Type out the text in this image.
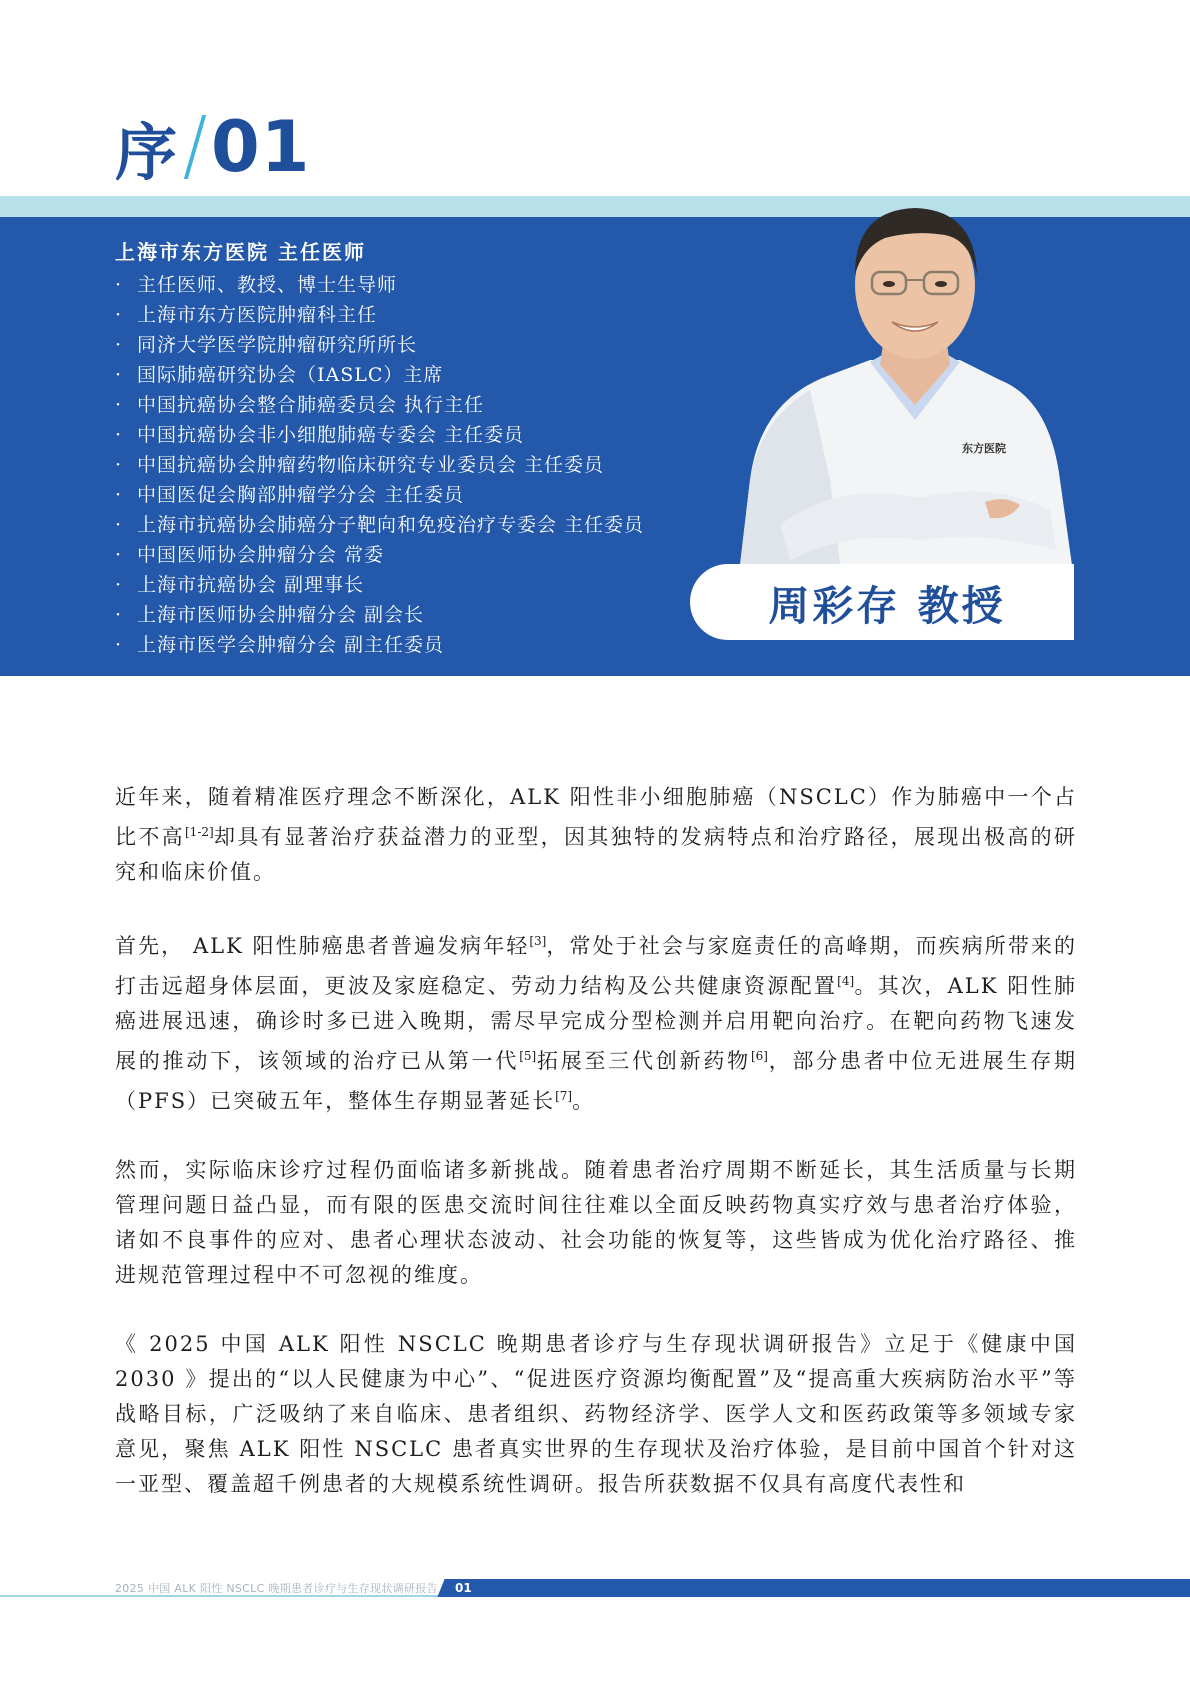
序 01
上海市东方医院 主任医师
· 主任医师、教授、博士生导师
· 上海市东方医院肿瘤科主任
· 同济大学医学院肿瘤研究所所长
· 国际肺癌研究协会（IASLC）主席
· 中国抗癌协会整合肺癌委员会 执行主任
· 中国抗癌协会非小细胞肺癌专委会 主任委员
· 中国抗癌协会肿瘤药物临床研究专业委员会 主任委员
· 中国医促会胸部肿瘤学分会 主任委员
· 上海市抗癌协会肺癌分子靶向和免疫治疗专委会 主任委员
· 中国医师协会肿瘤分会 常委
· 上海市抗癌协会 副理事长
· 上海市医师协会肿瘤分会 副会长
· 上海市医学会肿瘤分会 副主任委员
东方医院
周彩存 教授

近年来，随着精准医疗理念不断深化，ALK 阳性非小细胞肺癌（NSCLC）作为肺癌中一个占比不高[1-2]却具有显著治疗获益潜力的亚型，因其独特的发病特点和治疗路径，展现出极高的研究和临床价值。

首先， ALK 阳性肺癌患者普遍发病年轻[3]，常处于社会与家庭责任的高峰期，而疾病所带来的打击远超身体层面，更波及家庭稳定、劳动力结构及公共健康资源配置[4]。其次，ALK 阳性肺癌进展迅速，确诊时多已进入晚期，需尽早完成分型检测并启用靶向治疗。在靶向药物飞速发展的推动下，该领域的治疗已从第一代[5]拓展至三代创新药物[6]，部分患者中位无进展生存期（PFS）已突破五年，整体生存期显著延长[7]。

然而，实际临床诊疗过程仍面临诸多新挑战。随着患者治疗周期不断延长，其生活质量与长期管理问题日益凸显，而有限的医患交流时间往往难以全面反映药物真实疗效与患者治疗体验，诸如不良事件的应对、患者心理状态波动、社会功能的恢复等，这些皆成为优化治疗路径、推进规范管理过程中不可忽视的维度。

《 2025 中国 ALK 阳性 NSCLC 晚期患者诊疗与生存现状调研报告》立足于《健康中国 2030 》提出的“以人民健康为中心”、“促进医疗资源均衡配置”及“提高重大疾病防治水平”等战略目标，广泛吸纳了来自临床、患者组织、药物经济学、医学人文和医药政策等多领域专家意见，聚焦 ALK 阳性 NSCLC 患者真实世界的生存现状及治疗体验，是目前中国首个针对这一亚型、覆盖超千例患者的大规模系统性调研。报告所获数据不仅具有高度代表性和

2025 中国 ALK 阳性 NSCLC 晚期患者诊疗与生存现状调研报告 01
